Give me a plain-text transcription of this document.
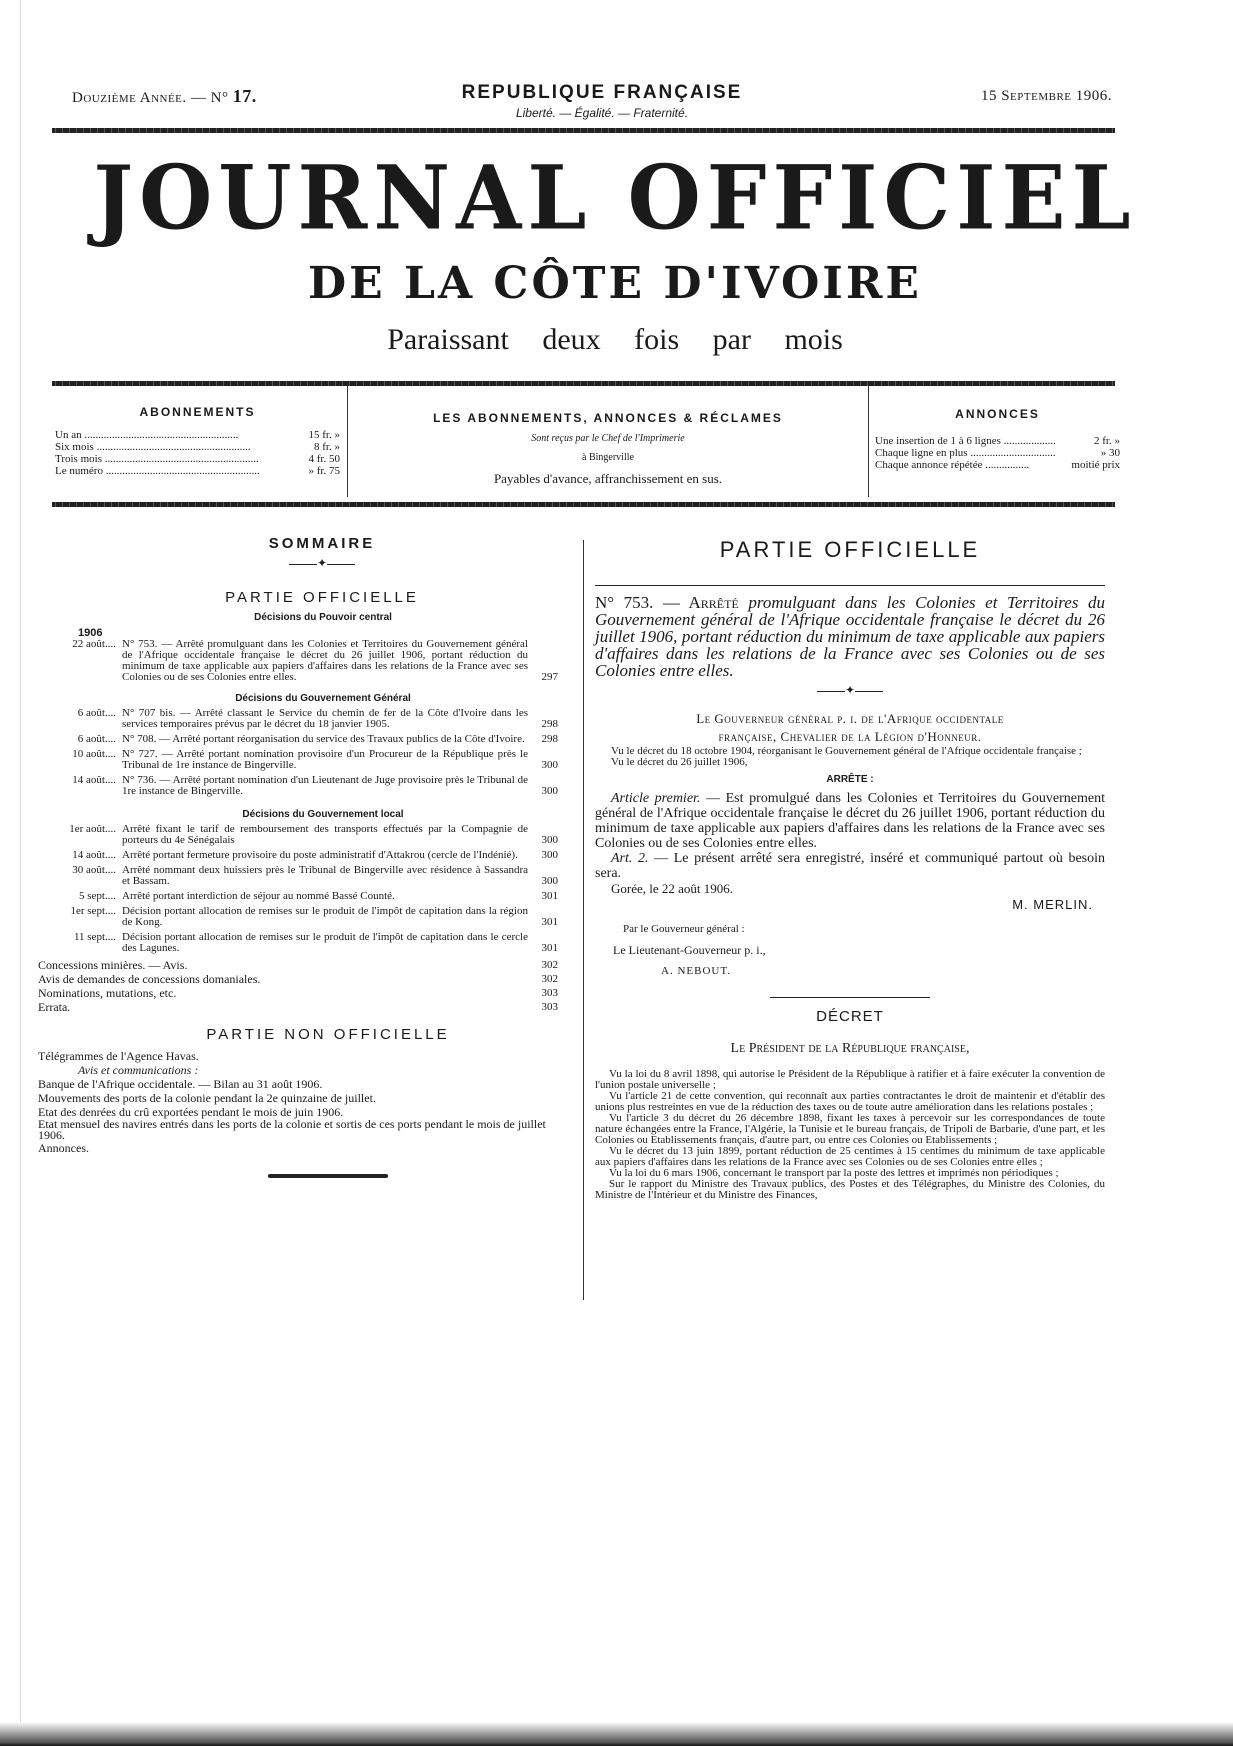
Douzième Année. — N° 17.	REPUBLIQUE FRANÇAISE
Liberté. — Égalité. — Fraternité.
15 Septembre 1906.
JOURNAL OFFICIEL
DE LA CÔTE D'IVOIRE
Paraissant deux fois par mois
ABONNEMENTS
Un an .....	15 fr. »
Six mois .....	8 fr. »
Trois mois .....	4 fr. 50
Le numéro .....	» fr. 75
LES ABONNEMENTS, ANNONCES & RÉCLAMES
Sont reçus par le Chef de l'Imprimerie
à Bingerville
Payables d'avance, affranchissement en sus.
ANNONCES
Une insertion de 1 à 6 lignes .....	2 fr. »
Chaque ligne en plus .....	» 30
Chaque annonce répétée .....	moitié prix
SOMMAIRE
✦
PARTIE OFFICIELLE
Décisions du Pouvoir central
1906
22 août.... N° 753. — Arrêté promulguant dans les Colonies et Territoires du Gouvernement général de l'Afrique occidentale française le décret du 26 juillet 1906, portant réduction du minimum de taxe applicable aux papiers d'affaires dans les relations de la France avec ses Colonies ou de ses Colonies entre elles.	297
Décisions du Gouvernement Général
6 août.... N° 707 bis. — Arrêté classant le Service du chemin de fer de la Côte d'Ivoire dans les services temporaires prévus par le décret du 18 janvier 1905.	298
6 août.... N° 708. — Arrêté portant réorganisation du service des Travaux publics de la Côte d'Ivoire.	298
10 août.... N° 727. — Arrêté portant nomination provisoire d'un Procureur de la République près le Tribunal de 1re instance de Bingerville.	300
14 août.... N° 736. — Arrêté portant nomination d'un Lieutenant de Juge provisoire près le Tribunal de 1re instance de Bingerville.	300
Décisions du Gouvernement local
1er août.... Arrêté fixant le tarif de remboursement des transports effectués par la Compagnie de porteurs du 4e Sénégalais	300
14 août.... Arrêté portant fermeture provisoire du poste administratif d'Attakrou (cercle de l'Indénié).	300
30 août.... Arrêté nommant deux huissiers près le Tribunal de Bingerville avec résidence à Sassandra et Bassam.	300
5 sept.... Arrêté portant interdiction de séjour au nommé Bassé Counté.	301
1er sept.... Décision portant allocation de remises sur le produit de l'impôt de capitation dans la région de Kong.	301
11 sept.... Décision portant allocation de remises sur le produit de l'impôt de capitation dans le cercle des Lagunes.	301
Concessions minières. — Avis.	302
Avis de demandes de concessions domaniales.	302
Nominations, mutations, etc.	303
Errata.	303
PARTIE NON OFFICIELLE
Télégrammes de l'Agence Havas.
Avis et communications :
Banque de l'Afrique occidentale. — Bilan au 31 août 1906.
Mouvements des ports de la colonie pendant la 2e quinzaine de juillet.
Etat des denrées du crû exportées pendant le mois de juin 1906.
Etat mensuel des navires entrés dans les ports de la colonie et sortis de ces ports pendant le mois de juillet 1906.
Annonces.
PARTIE OFFICIELLE
N° 753. — Arrêté promulguant dans les Colonies et Territoires du Gouvernement général de l'Afrique occidentale française le décret du 26 juillet 1906, portant réduction du minimum de taxe applicable aux papiers d'affaires dans les relations de la France avec ses Colonies ou de ses Colonies entre elles.
✦
Le Gouverneur général p. i. de l'Afrique occidentale
française, Chevalier de la Légion d'Honneur.
Vu le décret du 18 octobre 1904, réorganisant le Gouvernement général de l'Afrique occidentale française ;
Vu le décret du 26 juillet 1906,
ARRÊTE :
Article premier. — Est promulgué dans les Colonies et Territoires du Gouvernement général de l'Afrique occidentale française le décret du 26 juillet 1906, portant réduction du minimum de taxe applicable aux papiers d'affaires dans les relations de la France avec ses Colonies ou de ses Colonies entre elles.
Art. 2. — Le présent arrêté sera enregistré, inséré et communiqué partout où besoin sera.
Gorée, le 22 août 1906.
M. MERLIN.
Par le Gouverneur général :
Le Lieutenant-Gouverneur p. i.,
A. NEBOUT.
DÉCRET
Le Président de la République française,
Vu la loi du 8 avril 1898, qui autorise le Président de la République à ratifier et à faire exécuter la convention de l'union postale universelle ;
Vu l'article 21 de cette convention, qui reconnaît aux parties contractantes le droit de maintenir et d'établir des unions plus restreintes en vue de la réduction des taxes ou de toute autre amélioration dans les relations postales ;
Vu l'article 3 du décret du 26 décembre 1898, fixant les taxes à percevoir sur les correspondances de toute nature échangées entre la France, l'Algérie, la Tunisie et le bureau français, de Tripoli de Barbarie, d'une part, et les Colonies ou Etablissements français, d'autre part, ou entre ces Colonies ou Etablissements ;
Vu le décret du 13 juin 1899, portant réduction de 25 centimes à 15 centimes du minimum de taxe applicable aux papiers d'affaires dans les relations de la France avec ses Colonies ou de ses Colonies entre elles ;
Vu la loi du 6 mars 1906, concernant le transport par la poste des lettres et imprimés non périodiques ;
Sur le rapport du Ministre des Travaux publics, des Postes et des Télégraphes, du Ministre des Colonies, du Ministre de l'Intérieur et du Ministre des Finances,
